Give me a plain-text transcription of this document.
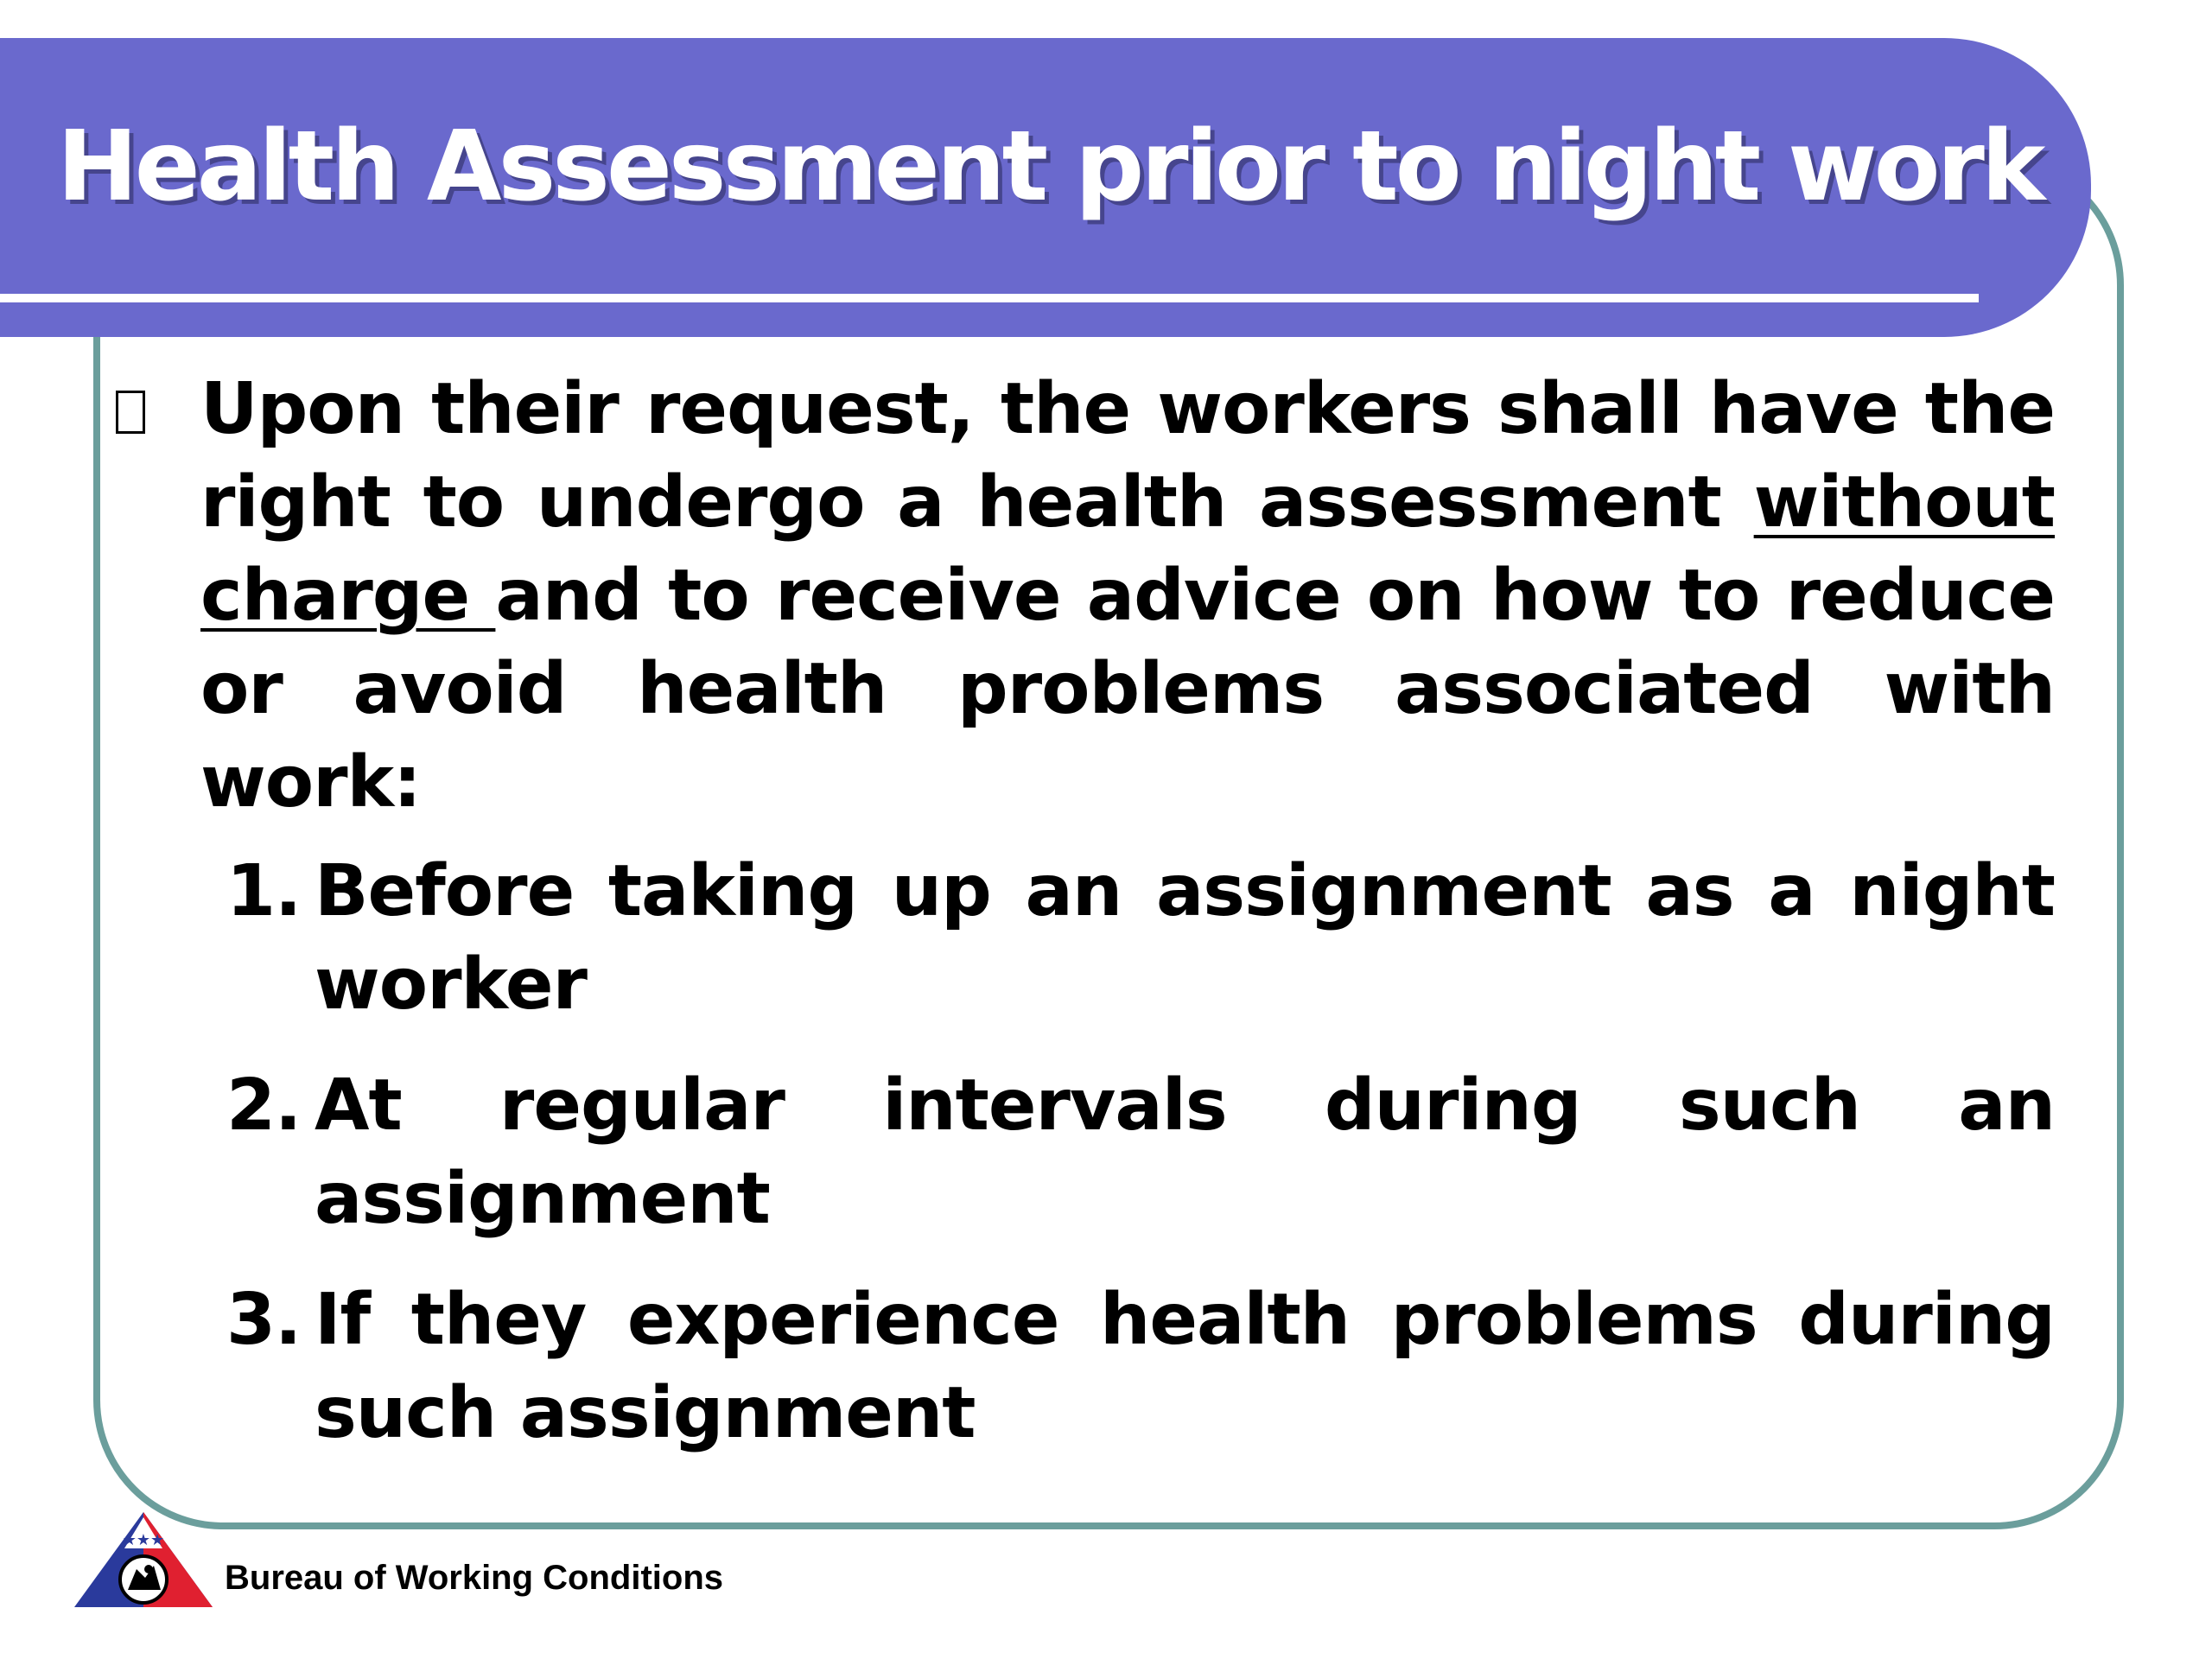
Health Assessment prior to night work
Upon their request, the workers shall have the right to undergo a health assessment without charge and to receive advice on how to reduce or avoid health problems associated with work:
1. Before taking up an assignment as a night worker
2. At regular intervals during such an assignment
3. If they experience health problems during such assignment
★★★
Bureau of Working Conditions
